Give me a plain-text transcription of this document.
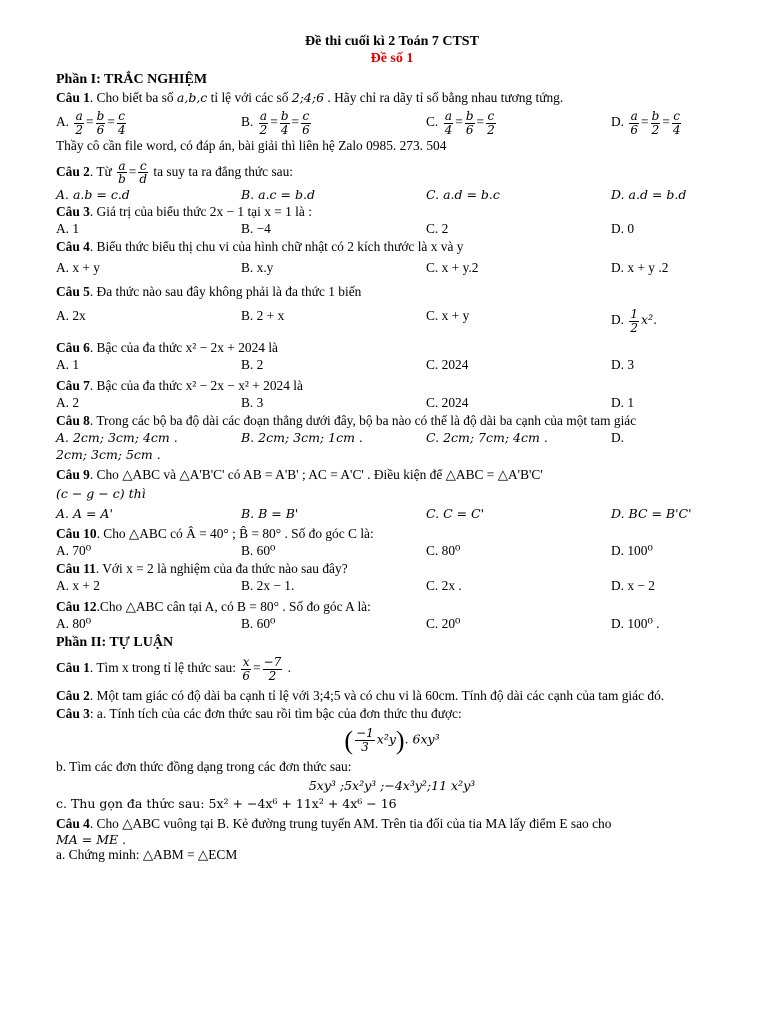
Đề thi cuối kì 2 Toán 7 CTST
Đề số 1
Phần I: TRẮC NGHIỆM
Câu 1. Cho biết ba số a,b,c tỉ lệ với các số 2;4;6 . Hãy chỉ ra dãy tỉ số bằng nhau tương tứng.
A. $\frac{a}{2} = \frac{b}{6} = \frac{c}{4}$	B. $\frac{a}{2} = \frac{b}{4} = \frac{c}{6}$	C. $\frac{a}{4} = \frac{b}{6} = \frac{c}{2}$	D. $\frac{a}{6} = \frac{b}{2} = \frac{c}{4}$
Thầy cô cần file word, có đáp án, bài giải thì liên hệ Zalo 0985. 273. 504
Câu 2. Từ $\frac{a}{b} = \frac{c}{d}$ ta suy ta ra đẳng thức sau:
A. a.b = c.d	B. a.c = b.d	C. a.d = b.c	D. a.d = b.d
Câu 3. Giá trị của biểu thức 2x − 1 tại x = 1 là :
A. 1	B. −4	C. 2	D. 0
Câu 4. Biểu thức biểu thị chu vi của hình chữ nhật có 2 kích thước là x và y
A. x + y	B. x.y	C. x + y.2	D. x + y .2
Câu 5. Đa thức nào sau đây không phải là đa thức 1 biến
A. 2x	B. 2 + x	C. x + y	D. $\frac{1}{2} x^2$.
Câu 6. Bậc của đa thức x² − 2x + 2024 là
A. 1	B. 2	C. 2024	D. 3
Câu 7. Bậc của đa thức x² − 2x − x² + 2024 là
A. 2	B. 3	C. 2024	D. 1
Câu 8. Trong các bộ ba độ dài các đoạn thẳng dưới đây, bộ ba nào có thể là độ dài ba cạnh của một tam giác
A. 2cm; 3cm; 4cm .	B. 2cm; 3cm; 1cm .	C. 2cm; 7cm; 4cm .	D.
2cm; 3cm; 5cm .
Câu 9. Cho △ABC và △A'B'C' có AB = A'B' ; AC = A'C' . Điều kiện để △ABC = △A'B'C'
(c − g − c) thì
A. A = A'	B. B = B'	C. C = C'	D. BC = B'C'
Câu 10. Cho △ABC có Â = 40° ; B̂ = 80° . Số đo góc C là:
A. 70⁰	B. 60⁰	C. 80⁰	D. 100⁰
Câu 11. Với x = 2 là nghiệm của đa thức nào sau đây?
A. x + 2	B. 2x − 1.	C. 2x .	D. x − 2
Câu 12.Cho △ABC cân tại A, có B = 80° . Số đo góc A là:
A. 80⁰	B. 60⁰	C. 20⁰	D. 100⁰ .
Phần II: TỰ LUẬN
Câu 1. Tìm x trong tỉ lệ thức sau: $\frac{x}{6} = \frac{-7}{2}$ .
Câu 2. Một tam giác có độ dài ba cạnh tỉ lệ với 3;4;5 và có chu vi là 60cm. Tính độ dài các cạnh của tam giác đó.
Câu 3: a. Tính tích của các đơn thức sau rồi tìm bậc của đơn thức thu được:
( $\frac{-1}{3} x^2y$). 6xy³
b. Tìm các đơn thức đồng dạng trong các đơn thức sau:
5xy³ ;5x²y³ ;−4x³y²;11 x²y³
c. Thu gọn đa thức sau: 5x² + −4x⁶ + 11x² + 4x⁶ − 16
Câu 4. Cho △ABC vuông tại B. Kẻ đường trung tuyến AM. Trên tia đối của tia MA lấy điểm E sao cho
MA = ME .
a. Chứng minh: △ABM = △ECM
